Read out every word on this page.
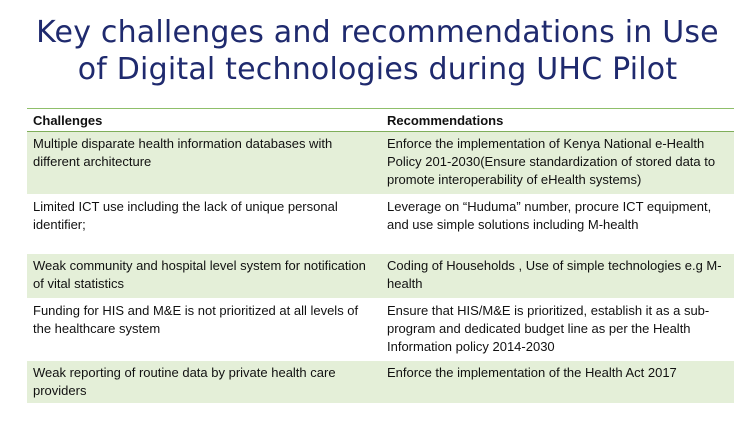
Key challenges and recommendations in Use
of Digital technologies during UHC Pilot
Challenges	Recommendations
Multiple disparate health information databases with different architecture	Enforce the implementation of Kenya National e-Health Policy 201-2030(Ensure standardization of stored data to promote interoperability of eHealth systems)
Limited ICT use including the lack of unique personal identifier;	Leverage on “Huduma” number, procure ICT equipment, and use simple solutions including M-health
Weak community and hospital level system for notification of vital statistics	Coding of Households , Use of simple technologies e.g M- health
Funding for HIS and M&E is not prioritized at all levels of the healthcare system	Ensure that HIS/M&E is prioritized, establish it as a sub-program and dedicated budget line as per the Health Information policy 2014-2030
Weak reporting of routine data by private health care providers	Enforce the implementation of the Health Act 2017
